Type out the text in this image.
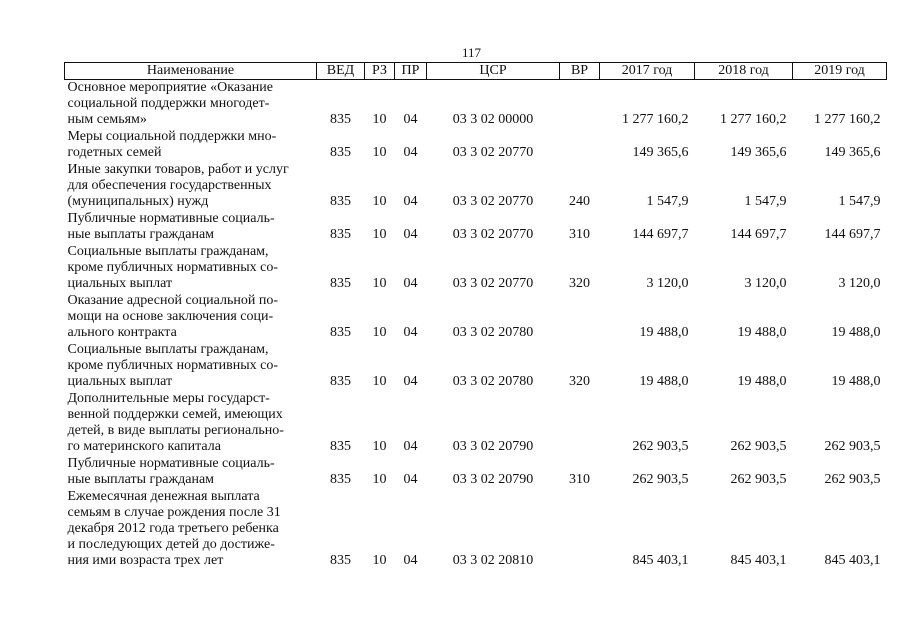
117
Наименование	ВЕД	РЗ	ПР	ЦСР	ВР	2017 год	2018 год	2019 год

Основное мероприятие «Оказание
социальной поддержки многодет-
ным семьям»	835	10	04	03 3 02 00000		1 277 160,2	1 277 160,2	1 277 160,2

Меры социальной поддержки мно-
годетных семей	835	10	04	03 3 02 20770		149 365,6	149 365,6	149 365,6

Иные закупки товаров, работ и услуг
для обеспечения государственных
(муниципальных) нужд	835	10	04	03 3 02 20770	240	1 547,9	1 547,9	1 547,9

Публичные нормативные социаль-
ные выплаты гражданам	835	10	04	03 3 02 20770	310	144 697,7	144 697,7	144 697,7

Социальные выплаты гражданам,
кроме публичных нормативных со-
циальных выплат	835	10	04	03 3 02 20770	320	3 120,0	3 120,0	3 120,0

Оказание адресной социальной по-
мощи на основе заключения соци-
ального контракта	835	10	04	03 3 02 20780		19 488,0	19 488,0	19 488,0

Социальные выплаты гражданам,
кроме публичных нормативных со-
циальных выплат	835	10	04	03 3 02 20780	320	19 488,0	19 488,0	19 488,0

Дополнительные меры государст-
венной поддержки семей, имеющих
детей, в виде выплаты регионально-
го материнского капитала	835	10	04	03 3 02 20790		262 903,5	262 903,5	262 903,5

Публичные нормативные социаль-
ные выплаты гражданам	835	10	04	03 3 02 20790	310	262 903,5	262 903,5	262 903,5

Ежемесячная денежная выплата
семьям в случае рождения после 31
декабря 2012 года третьего ребенка
и последующих детей до достиже-
ния ими возраста трех лет	835	10	04	03 3 02 20810		845 403,1	845 403,1	845 403,1
